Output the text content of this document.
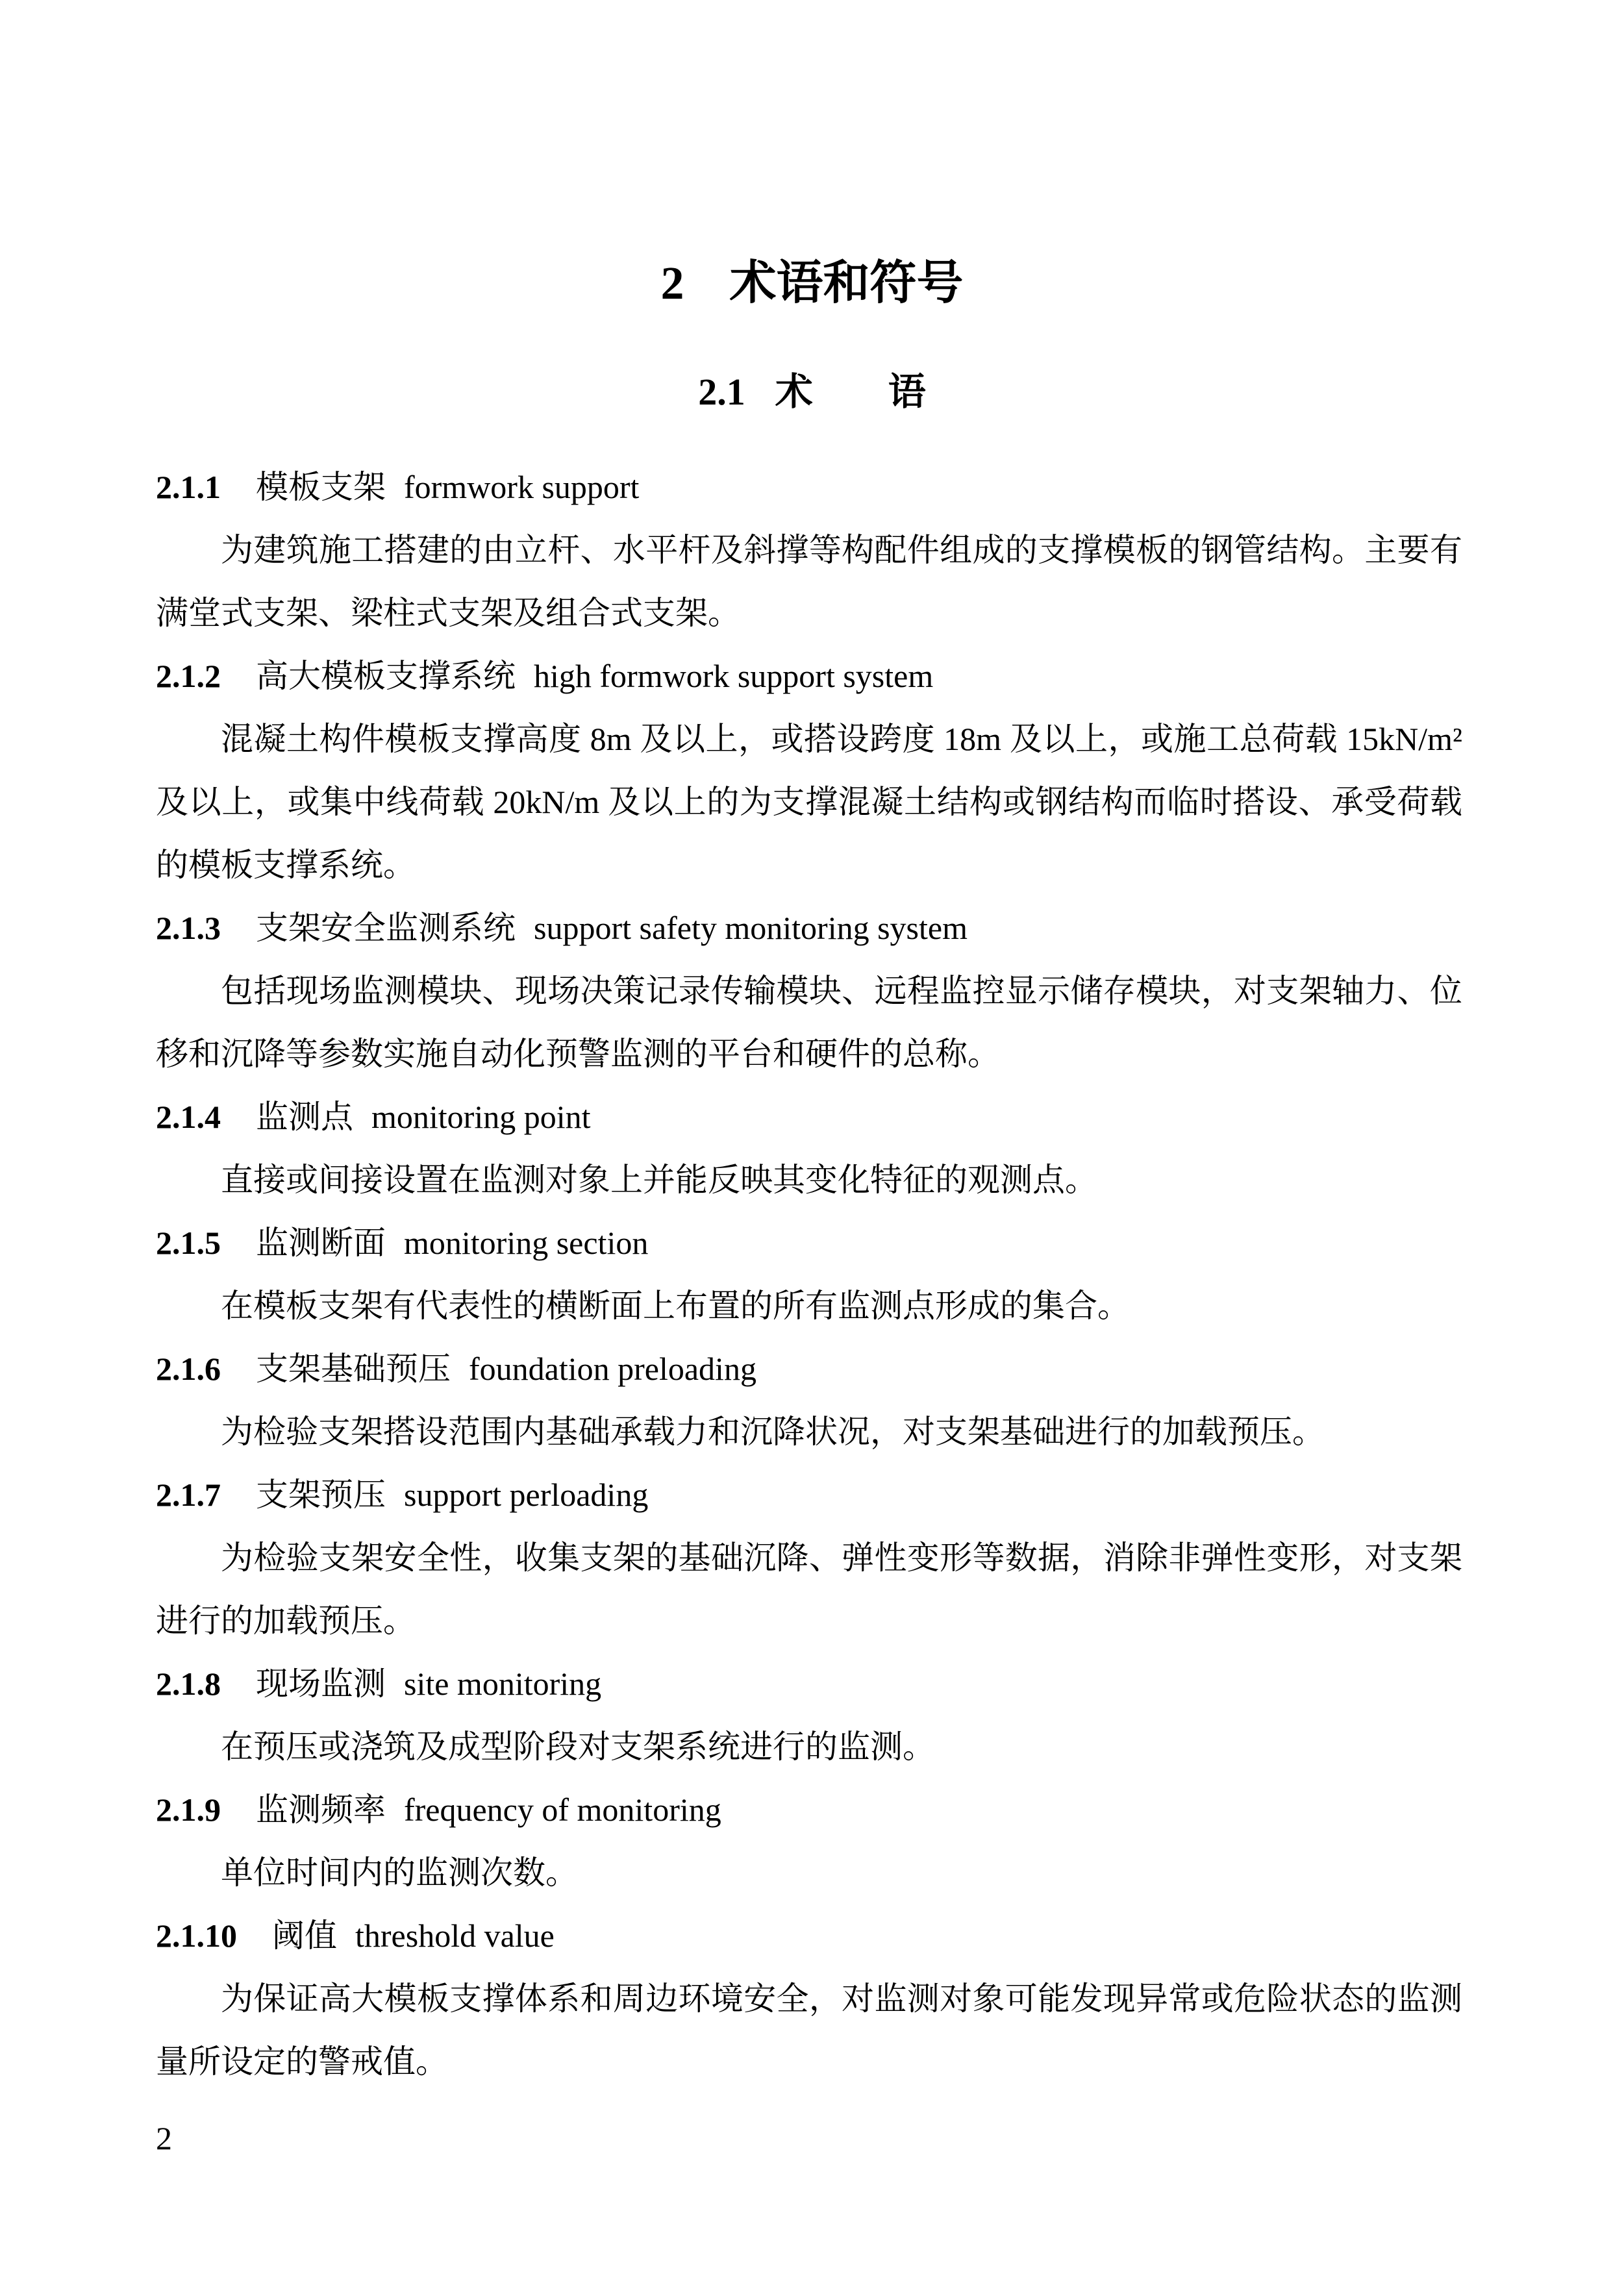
2 术语和符号
2.1 术　　语
2.1.1 模板支架 formwork support

为建筑施工搭建的由立杆、水平杆及斜撑等构配件组成的支撑模板的钢管结构。主要有满堂式支架、梁柱式支架及组合式支架。

2.1.2 高大模板支撑系统 high formwork support system

混凝土构件模板支撑高度 8m 及以上，或搭设跨度 18m 及以上，或施工总荷载 15kN/m²及以上，或集中线荷载 20kN/m 及以上的为支撑混凝土结构或钢结构而临时搭设、承受荷载的模板支撑系统。

2.1.3 支架安全监测系统 support safety monitoring system

包括现场监测模块、现场决策记录传输模块、远程监控显示储存模块，对支架轴力、位移和沉降等参数实施自动化预警监测的平台和硬件的总称。

2.1.4 监测点 monitoring point

直接或间接设置在监测对象上并能反映其变化特征的观测点。

2.1.5 监测断面 monitoring section

在模板支架有代表性的横断面上布置的所有监测点形成的集合。

2.1.6 支架基础预压 foundation preloading

为检验支架搭设范围内基础承载力和沉降状况，对支架基础进行的加载预压。

2.1.7 支架预压 support perloading

为检验支架安全性，收集支架的基础沉降、弹性变形等数据，消除非弹性变形，对支架进行的加载预压。

2.1.8 现场监测 site monitoring

在预压或浇筑及成型阶段对支架系统进行的监测。

2.1.9 监测频率 frequency of monitoring

单位时间内的监测次数。

2.1.10 阈值 threshold value

为保证高大模板支撑体系和周边环境安全，对监测对象可能发现异常或危险状态的监测量所设定的警戒值。

2
